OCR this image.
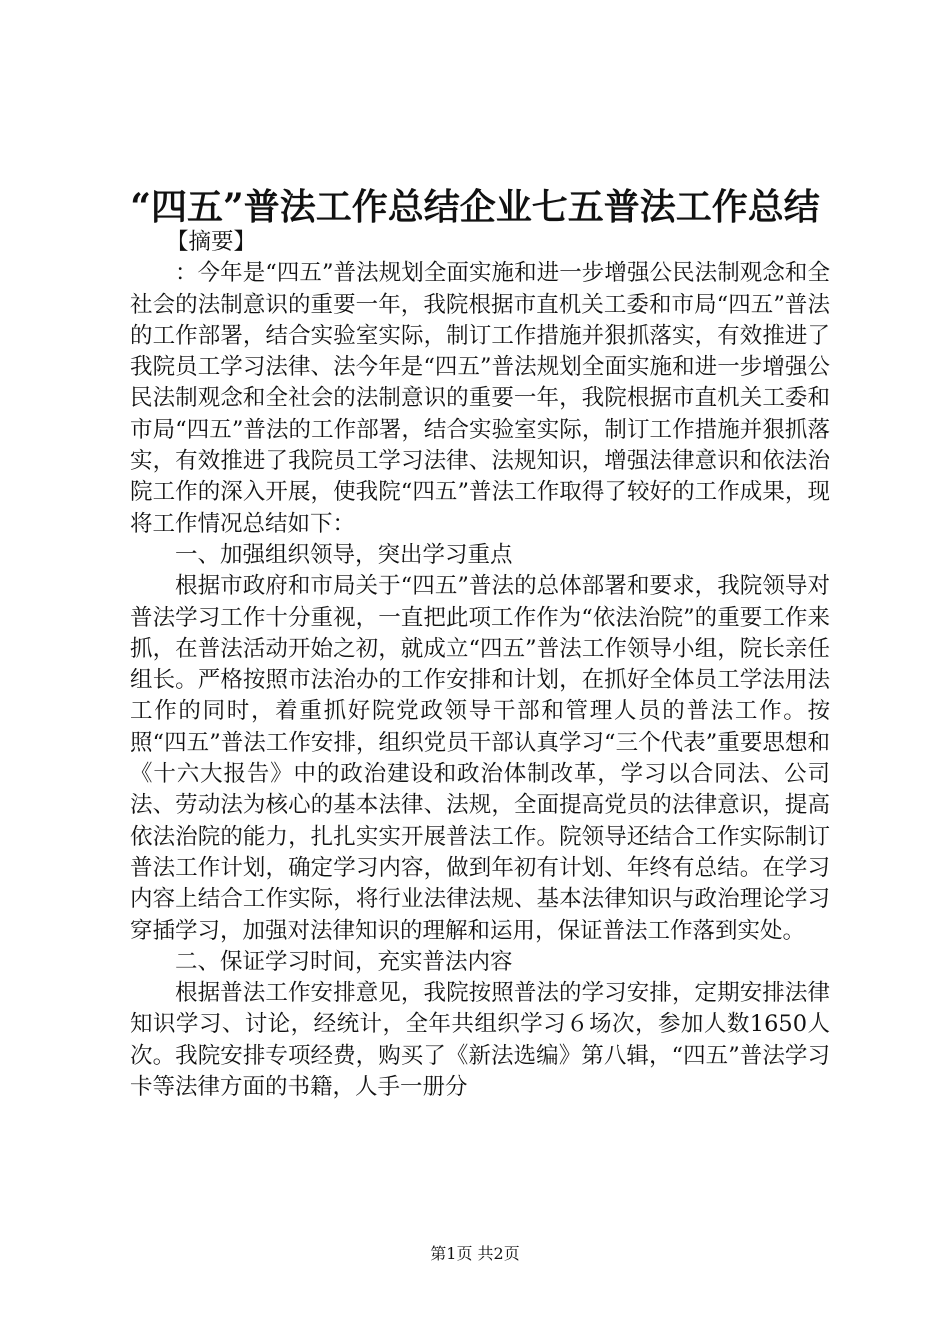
“四五”普法工作总结企业七五普法工作总结

【摘要】

：今年是“四五”普法规划全面实施和进一步增强公民法制观念和全社会的法制意识的重要一年，我院根据市直机关工委和市局“四五”普法的工作部署，结合实验室实际，制订工作措施并狠抓落实，有效推进了我院员工学习法律、法今年是“四五”普法规划全面实施和进一步增强公民法制观念和全社会的法制意识的重要一年，我院根据市直机关工委和市局“四五”普法的工作部署，结合实验室实际，制订工作措施并狠抓落实，有效推进了我院员工学习法律、法规知识，增强法律意识和依法治院工作的深入开展，使我院“四五”普法工作取得了较好的工作成果，现将工作情况总结如下：

一、加强组织领导，突出学习重点

根据市政府和市局关于“四五”普法的总体部署和要求，我院领导对普法学习工作十分重视，一直把此项工作作为“依法治院”的重要工作来抓，在普法活动开始之初，就成立“四五”普法工作领导小组，院长亲任组长。严格按照市法治办的工作安排和计划，在抓好全体员工学法用法工作的同时，着重抓好院党政领导干部和管理人员的普法工作。按照“四五”普法工作安排，组织党员干部认真学习“三个代表”重要思想和《十六大报告》中的政治建设和政治体制改革，学习以合同法、公司法、劳动法为核心的基本法律、法规，全面提高党员的法律意识，提高依法治院的能力，扎扎实实开展普法工作。院领导还结合工作实际制订普法工作计划，确定学习内容，做到年初有计划、年终有总结。在学习内容上结合工作实际，将行业法律法规、基本法律知识与政治理论学习穿插学习，加强对法律知识的理解和运用，保证普法工作落到实处。

二、保证学习时间，充实普法内容

根据普法工作安排意见，我院按照普法的学习安排，定期安排法律知识学习、讨论，经统计，全年共组织学习６场次，参加人数1650人次。我院安排专项经费，购买了《新法选编》第八辑，“四五”普法学习卡等法律方面的书籍，人手一册分

第1页 共2页
